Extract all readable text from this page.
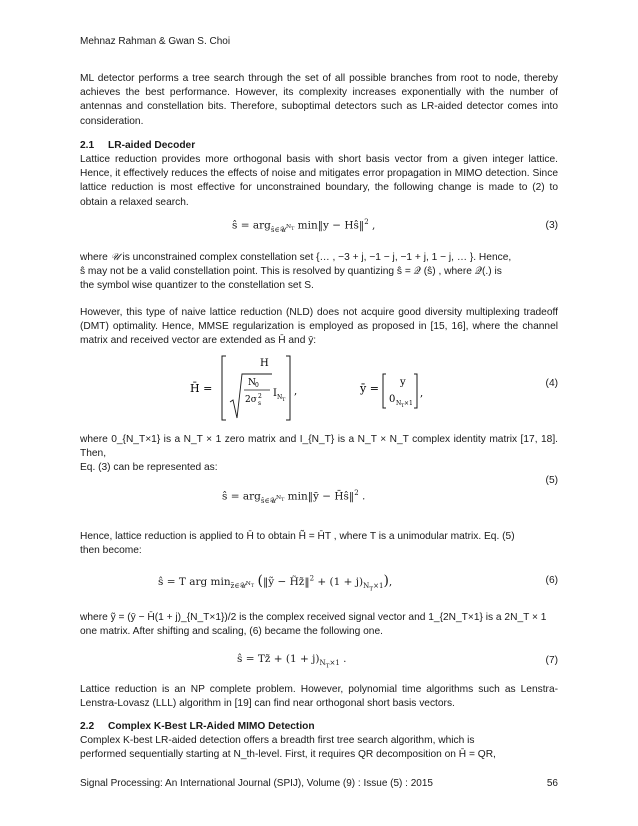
Mehnaz Rahman & Gwan S. Choi
ML detector performs a tree search through the set of all possible branches from root to node, thereby achieves the best performance. However, its complexity increases exponentially with the number of antennas and constellation bits. Therefore, suboptimal detectors such as LR-aided detector comes into consideration.
2.1 LR-aided Decoder
Lattice reduction provides more orthogonal basis with short basis vector from a given integer lattice. Hence, it effectively reduces the effects of noise and mitigates error propagation in MIMO detection. Since lattice reduction is most effective for unconstrained boundary, the following change is made to (2) to obtain a relaxed search.
ŝ = arg$_{ŝ\in 𝒰^{N_T}}$ min‖y − Hŝ‖$^2$ ,	(3)
where 𝒰 is unconstrained complex constellation set {… , −3 + j, −1 − j, −1 + j, 1 − j, … }. Hence,
ŝ may not be a valid constellation point. This is resolved by quantizing ŝ = 𝒬 (ŝ) , where 𝒬(.) is
the symbol wise quantizer to the constellation set S.
However, this type of naive lattice reduction (NLD) does not acquire good diversity multiplexing tradeoff (DMT) optimality. Hence, MMSE regularization is employed as proposed in [15, 16], where the channel matrix and received vector are extended as H̄ and ȳ:
H̄ =
H
N 0
2σ 2
s
I N T
,	ȳ = y
0 N T ×1
,
(4)
where 0_{N_T×1} is a N_T × 1 zero matrix and I_{N_T} is a N_T × N_T complex identity matrix [17, 18]. Then,
Eq. (3) can be represented as:
(5)
ŝ = arg$_{ŝ\in 𝒰^{N_T}}$ min‖ȳ − H̄ŝ‖$^2$ .
Hence, lattice reduction is applied to H̄ to obtain H̃ = H̄T , where T is a unimodular matrix. Eq. (5)
then become:
ŝ = T arg $\min_{z̃\in 𝒰^{N_T}}$ (‖ỹ − H̃z̃‖$^2$ + $(1 + j)_{N_T\times 1}$),	(6)
where ỹ = (ȳ − H̄(1 + j)_{N_T×1})/2 is the complex received signal vector and 1_{2N_T×1} is a 2N_T × 1
one matrix. After shifting and scaling, (6) became the following one.
ŝ = Tz̃ + $(1 + j)_{N_T\times 1}$ .	(7)
Lattice reduction is an NP complete problem. However, polynomial time algorithms such as Lenstra-Lenstra-Lovasz (LLL) algorithm in [19] can find near orthogonal short basis vectors.
2.2 Complex K-Best LR-Aided MIMO Detection
Complex K-best LR-aided detection offers a breadth first tree search algorithm, which is
performed sequentially starting at N_th-level. First, it requires QR decomposition on H̄ = QR,
Signal Processing: An International Journal (SPIJ), Volume (9) : Issue (5) : 2015	56
